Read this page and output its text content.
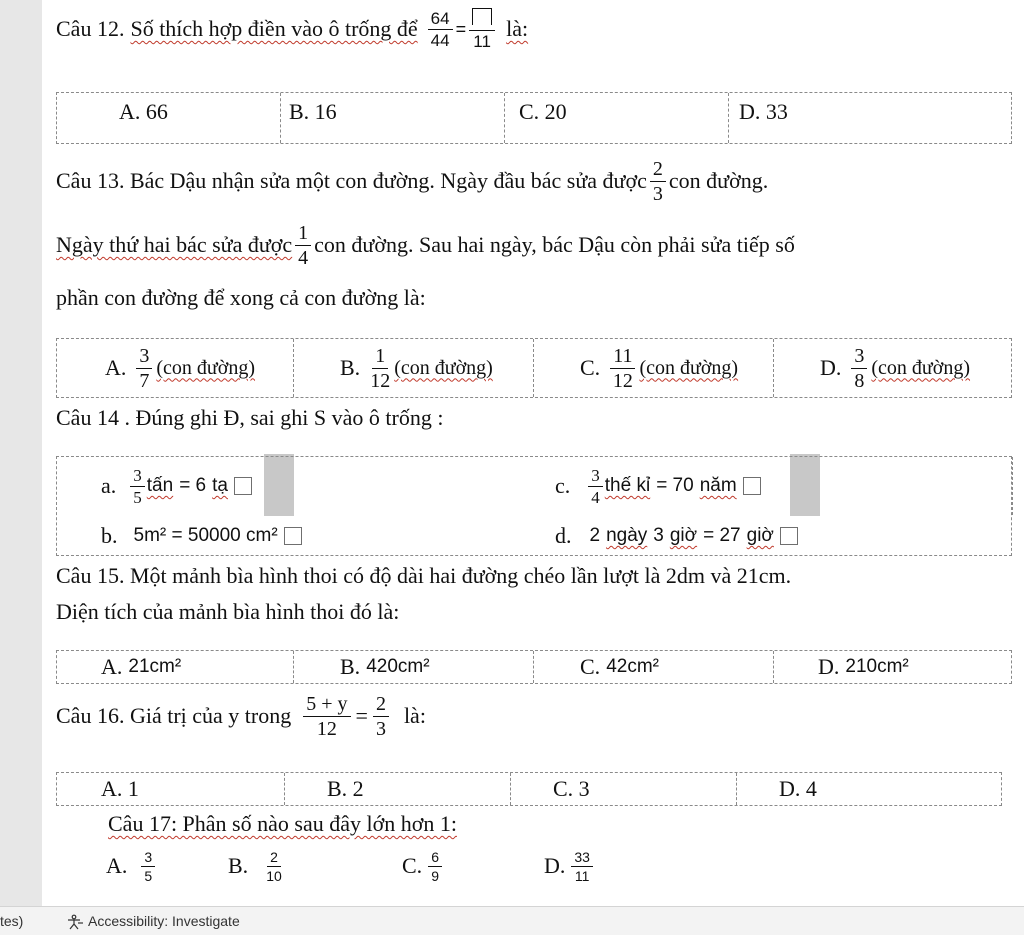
Câu 12. Số thích hợp điền vào ô trống để $\frac{64}{44}$ =
11
là:
A. 66	B. 16	C. 20	D. 33
Câu 13. Bác Dậu nhận sửa một con đường. Ngày đầu bác sửa được $\frac{2}{3}$ con đường.
Ngày thứ hai bác sửa được $\frac{1}{4}$ con đường. Sau hai ngày, bác Dậu còn phải sửa tiếp số
phần con đường để xong cả con đường là:
A. $\frac{3}{7} (con$ đường)	B. $\frac{1}{12} (con$ đường)	C. $\frac{11}{12} (con$ đường)	D. $\frac{3}{8} (con$ đường)
Câu 14 . Đúng ghi Đ, sai ghi S vào ô trống :
a. $\frac{3}{5}$ tấn = 6 tạ	c. $\frac{3}{4}$ thế kỉ = 70 năm
b. 5m² = 50000 cm²	d. 2 ngày 3 giờ = 27 giờ
Câu 15. Một mảnh bìa hình thoi có độ dài hai đường chéo lần lượt là 2dm và 21cm.
Diện tích của mảnh bìa hình thoi đó là:
A. 21cm²	B. 420cm²	C. 42cm²	D. 210cm²
Câu 16. Giá trị của y trong $\frac{5 + y}{12} = \frac{2}{3}$ là:
A. 1	B. 2	C. 3	D. 4
Câu 17: Phân số nào sau đây lớn hơn 1:
A. $\frac{3}{5}$	B. $\frac{2}{10}$	C. $\frac{6}{9}$	D. $\frac{33}{11}$
tes)	Accessibility: Investigate
